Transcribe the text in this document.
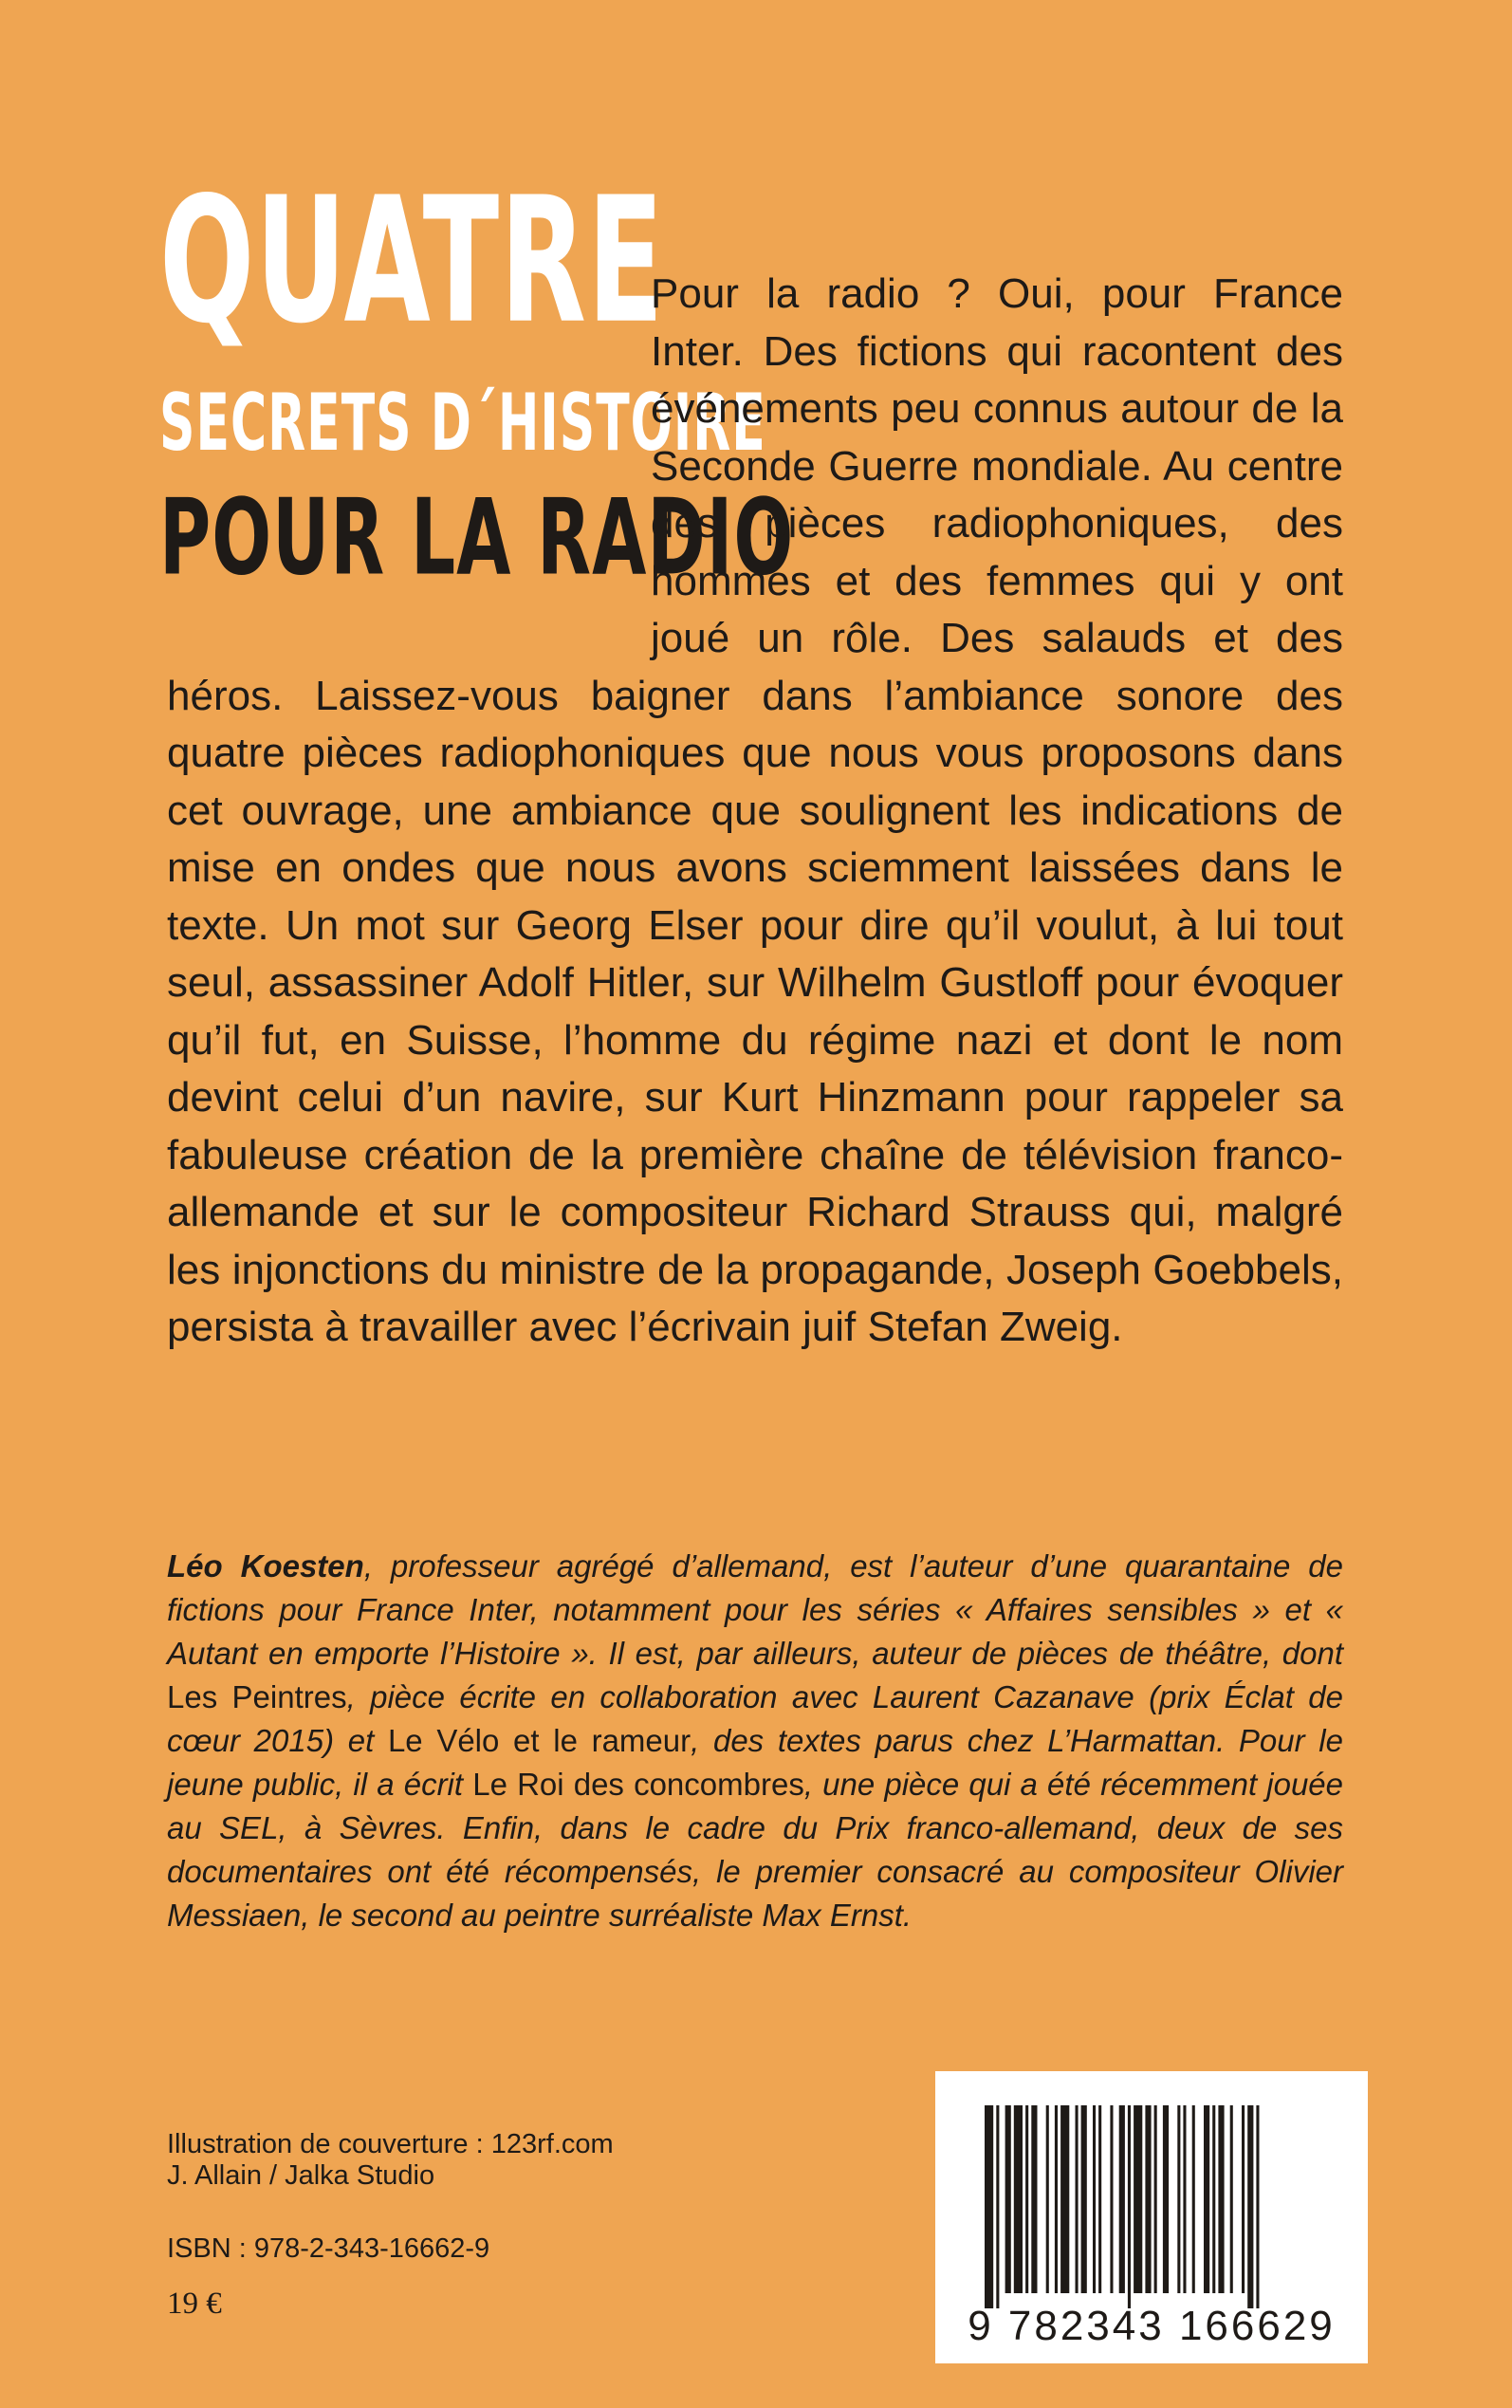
QUATRE
SECRETS D´HISTOIRE
POUR LA RADIO

Pour la radio ? Oui, pour France Inter. Des fictions qui racontent des événements peu connus autour de la Seconde Guerre mondiale. Au centre des pièces radiophoniques, des hommes et des femmes qui y ont joué un rôle. Des salauds et des héros. Laissez-vous baigner dans l’ambiance sonore des quatre pièces radiophoniques que nous vous proposons dans cet ouvrage, une ambiance que soulignent les indications de mise en ondes que nous avons sciemment laissées dans le texte. Un mot sur Georg Elser pour dire qu’il voulut, à lui tout seul, assassiner Adolf Hitler, sur Wilhelm Gustloff pour évoquer qu’il fut, en Suisse, l’homme du régime nazi et dont le nom devint celui d’un navire, sur Kurt Hinzmann pour rappeler sa fabuleuse création de la première chaîne de télévision franco-allemande et sur le compositeur Richard Strauss qui, malgré les injonctions du ministre de la propagande, Joseph Goebbels, persista à travailler avec l’écrivain juif Stefan Zweig.

Léo Koesten, professeur agrégé d’allemand, est l’auteur d’une quarantaine de fictions pour France Inter, notamment pour les séries « Affaires sensibles » et « Autant en emporte l’Histoire ». Il est, par ailleurs, auteur de pièces de théâtre, dont Les Peintres, pièce écrite en collaboration avec Laurent Cazanave (prix Éclat de cœur 2015) et Le Vélo et le rameur, des textes parus chez L’Harmattan. Pour le jeune public, il a écrit Le Roi des concombres, une pièce qui a été récemment jouée au SEL, à Sèvres. Enfin, dans le cadre du Prix franco-allemand, deux de ses documentaires ont été récompensés, le premier consacré au compositeur Olivier Messiaen, le second au peintre surréaliste Max Ernst.

Illustration de couverture : 123rf.com
J. Allain / Jalka Studio
ISBN : 978-2-343-16662-9
19 €	9 782343 166629
